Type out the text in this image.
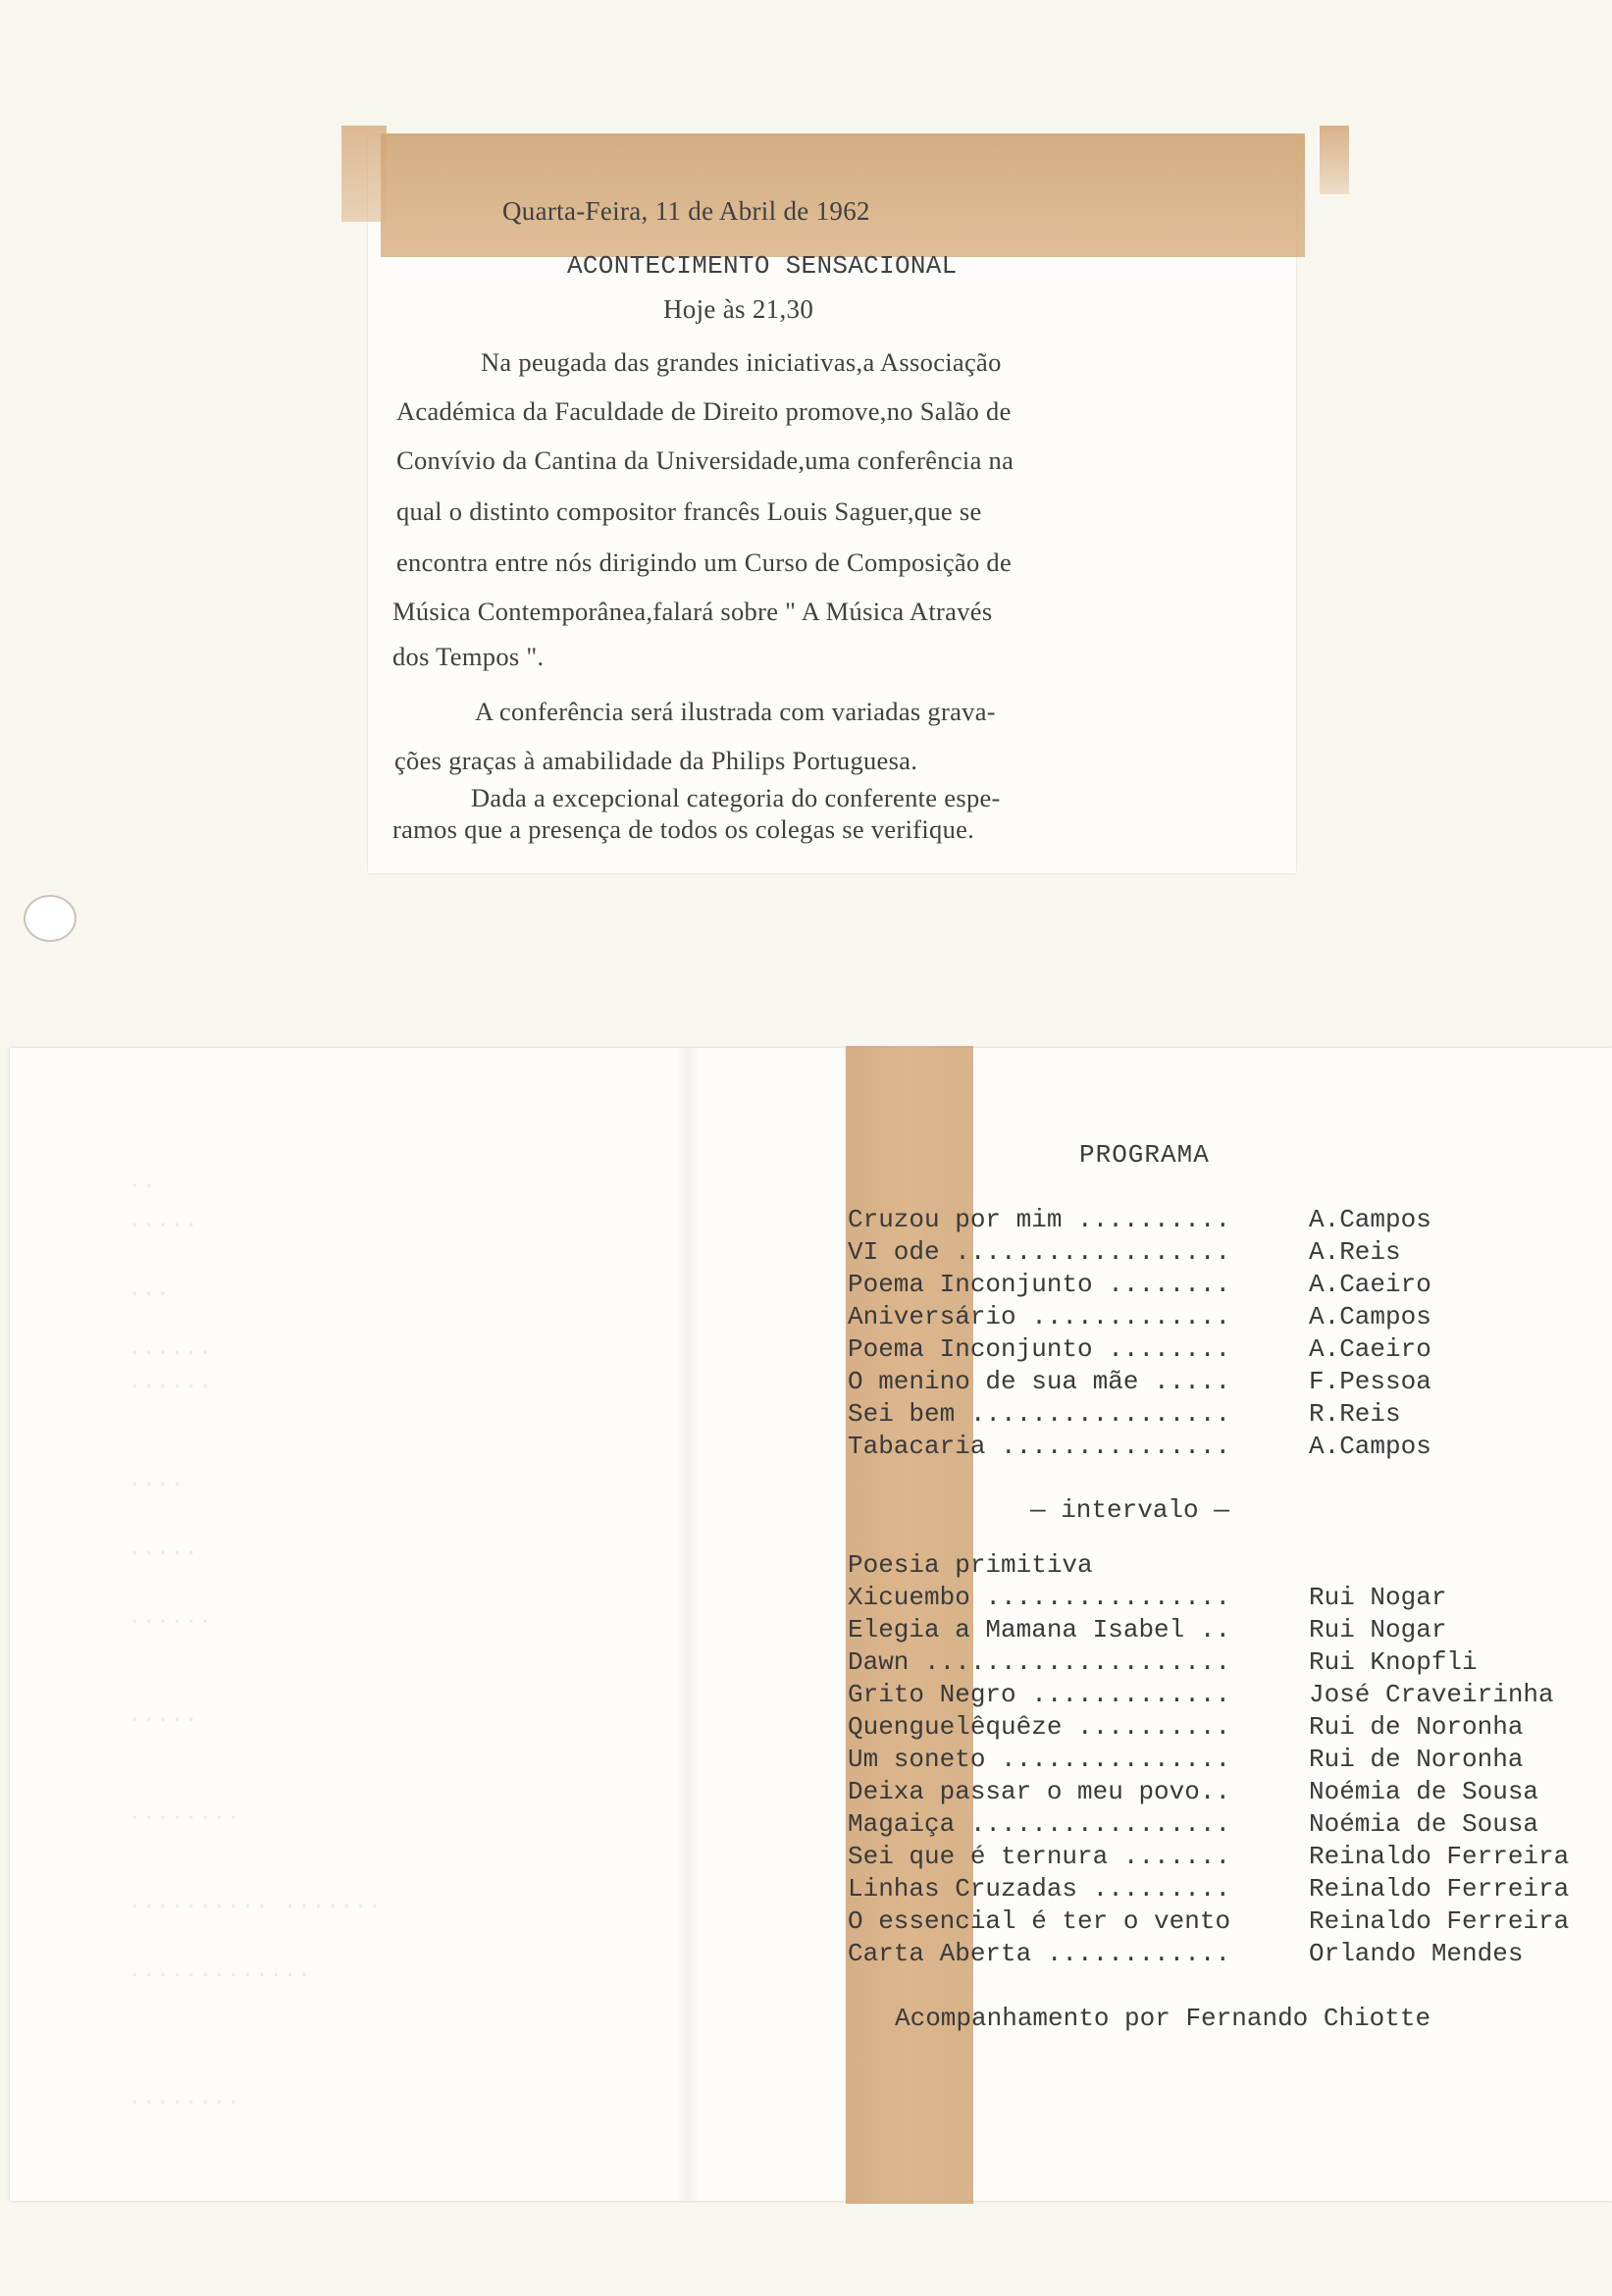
Quarta-Feira, 11 de Abril de 1962
ACONTECIMENTO SENSACIONAL
Hoje às 21,30
Na peugada das grandes iniciativas,a Associação
Académica da Faculdade de Direito promove,no Salão de
Convívio da Cantina da Universidade,uma conferência na
qual o distinto compositor francês Louis Saguer,que se
encontra entre nós dirigindo um Curso de Composição de
Música Contemporânea,falará sobre " A Música Através
dos Tempos ".
A conferência será ilustrada com variadas grava-
ções graças à amabilidade da Philips Portuguesa.
Dada a excepcional categoria do conferente espe-
ramos que a presença de todos os colegas se verifique.
··
·····
···
······
······
····
·····
······
·····
········
·········· ·······
·············
········
PROGRAMA
Cruzou por mim ..........	A.Campos
VI ode ..................	A.Reis
Poema Inconjunto ........	A.Caeiro
Aniversário .............	A.Campos
Poema Inconjunto ........	A.Caeiro
O menino de sua mãe .....	F.Pessoa
Sei bem .................	R.Reis
Tabacaria ...............	A.Campos
— intervalo —
Poesia primitiva
Xicuembo ................	Rui Nogar
Elegia a Mamana Isabel ..	Rui Nogar
Dawn ....................	Rui Knopfli
Grito Negro .............	José Craveirinha
Quenguelêquêze ..........	Rui de Noronha
Um soneto ...............	Rui de Noronha
Deixa passar o meu povo..	Noémia de Sousa
Magaiça .................	Noémia de Sousa
Sei que é ternura .......	Reinaldo Ferreira
Linhas Cruzadas .........	Reinaldo Ferreira
O essencial é ter o vento	Reinaldo Ferreira
Carta Aberta ............	Orlando Mendes
Acompanhamento por Fernando Chiotte
